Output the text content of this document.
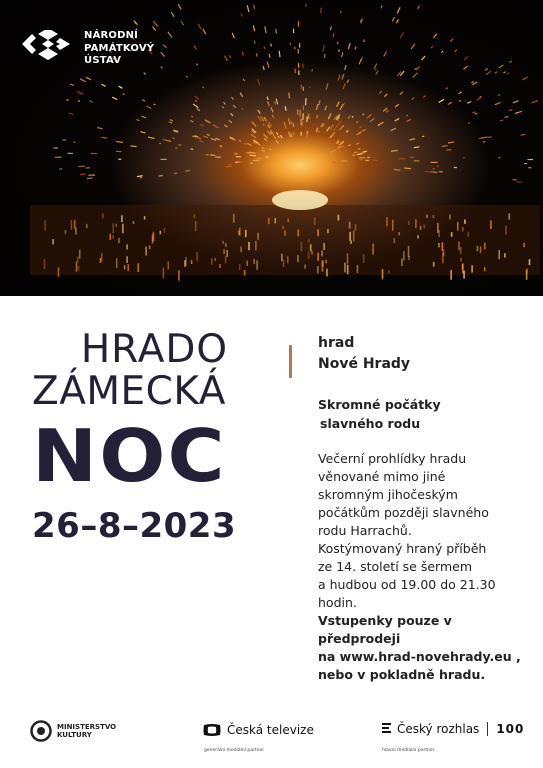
NÁRODNÍ
PAMÁTKOVÝ
ÚSTAV
HRADO
ZÁMECKÁ
NOC
26–8–2023
hrad
Nové Hrady
Skromné počátky
slavného rodu
Večerní prohlídky hradu
věnované mimo jiné
skromným jihočeským
počátkům později slavného
rodu Harrachů.
Kostýmovaný hraný příběh
ze 14. století se šermem
a hudbou od 19.00 do 21.30
hodin.
Vstupenky pouze v
předprodeji
na www.hrad-novehrady.eu ,
nebo v pokladně hradu.
MINISTERSTVO
KULTURY	Česká televize
generální mediální partner
Český rozhlas	100
hlavní mediální partner
